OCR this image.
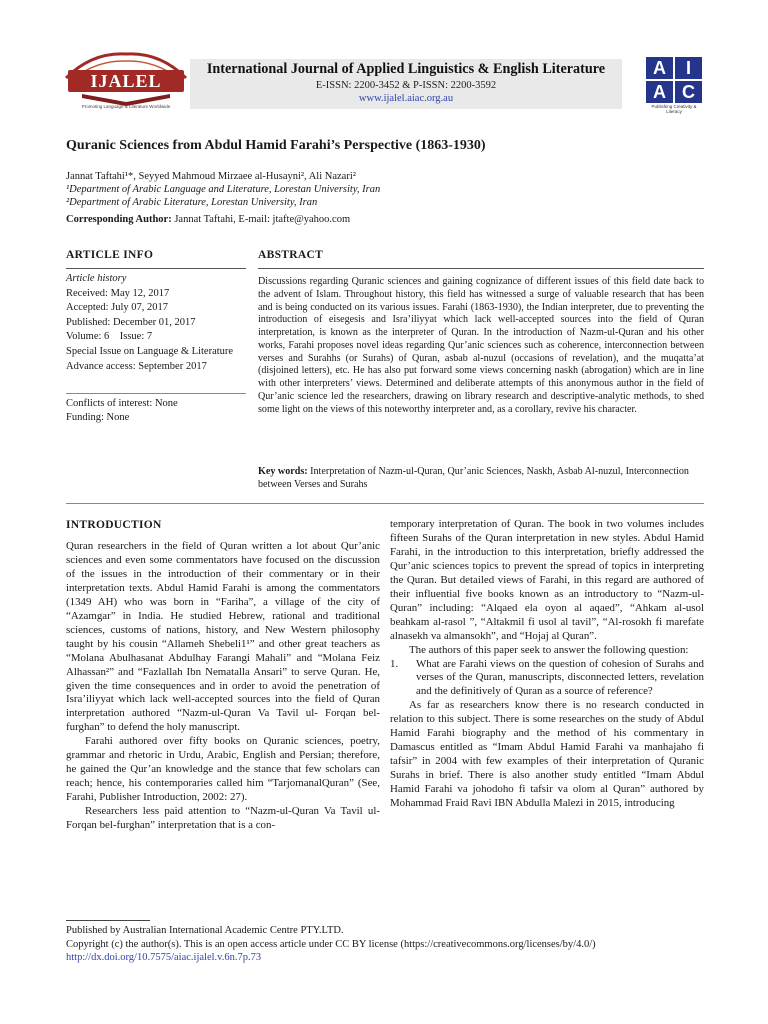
IJALEL
Promoting Language & Literature Worldwide
International Journal of Applied Linguistics & English Literature
E-ISSN: 2200-3452 & P-ISSN: 2200-3592
www.ijalel.aiac.org.au
A	I
A C
Publishing Creativity & Literacy
Quranic Sciences from Abdul Hamid Farahi’s Perspective (1863-1930)
Jannat Taftahi¹*, Seyyed Mahmoud Mirzaee al-Husayni², Ali Nazari²
¹Department of Arabic Language and Literature, Lorestan University, Iran
²Department of Arabic Literature, Lorestan University, Iran
Corresponding Author: Jannat Taftahi, E-mail: jtafte@yahoo.com
ARTICLE INFO
Article history
Received: May 12, 2017
Accepted: July 07, 2017
Published: December 01, 2017
Volume: 6    Issue: 7
Special Issue on Language & Literature
Advance access: September 2017
Conflicts of interest: None
Funding: None
ABSTRACT
Discussions regarding Quranic sciences and gaining cognizance of different issues of this field date back to the advent of Islam. Throughout history, this field has witnessed a surge of valuable research that has been and is being conducted on its various issues. Farahi (1863-1930), the Indian interpreter, due to preventing the introduction of eisegesis and Isra’iliyyat which lack well-accepted sources into the field of Quran interpretation, is known as the interpreter of Quran. In the introduction of Nazm-ul-Quran and his other works, Farahi proposes novel ideas regarding Qur’anic sciences such as coherence, interconnection between verses and Surahhs (or Surahs) of Quran, asbab al-nuzul (occasions of revelation), and the muqatta’at (disjoined letters), etc. He has also put forward some views concerning naskh (abrogation) which are in line with other interpreters’ views. Determined and deliberate attempts of this anonymous author in the field of Qur’anic science led the researchers, drawing on library research and descriptive-analytic methods, to shed some light on the views of this noteworthy interpreter and, as a corollary, revive his character.
Key words: Interpretation of Nazm-ul-Quran, Qur’anic Sciences, Naskh, Asbab Al-nuzul, Interconnection between Verses and Surahs
INTRODUCTION

Quran researchers in the field of Quran written a lot about Qur’anic sciences and even some commentators have focused on the discussion of the issues in the introduction of their commentary or in their interpretation texts. Abdul Hamid Farahi is among the commentators (1349 AH) who was born in “Fariha”, a village of the city of “Azamgar” in India. He studied Hebrew, rational and traditional sciences, customs of nations, history, and New Western philosophy taught by his cousin “Allameh Shebeli1¹” and other great teachers as “Molana Abulhasanat Abdulhay Farangi Mahali” and “Molana Feiz Alhassan²” and “Fazlallah Ibn Nematalla Ansari” to serve Quran. He, given the time consequences and in order to avoid the penetration of Isra’iliyyat which lack well-accepted sources into the field of Quran interpretation authored “Nazm-ul-Quran Va Tavil ul- Forqan bel-furghan” to defend the holy manuscript.

Farahi authored over fifty books on Quranic sciences, poetry, grammar and rhetoric in Urdu, Arabic, English and Persian; therefore, he gained the Qur’an knowledge and the stance that few scholars can reach; hence, his contemporaries called him “TarjomanalQuran” (See, Farahi, Publisher Introduction, 2002: 27).

Researchers less paid attention to “Nazm-ul-Quran Va Tavil ul- Forqan bel-furghan” interpretation that is a con-

temporary interpretation of Quran. The book in two volumes includes fifteen Surahs of the Quran interpretation in new styles. Abdul Hamid Farahi, in the introduction to this interpretation, briefly addressed the Qur’anic sciences topics to prevent the spread of topics in interpreting the Quran. But detailed views of Farahi, in this regard are authored of their influential five books known as an introductory to “Nazm-ul-Quran” including: “Alqaed ela oyon al aqaed”, “Ahkam al-usol beahkam al-rasol ”, “Altakmil fi usol al tavil”, “Al-rosokh fi marefate alnasekh va almansokh”, and “Hojaj al Quran”.

The authors of this paper seek to answer the following question:

1.	What are Farahi views on the question of cohesion of Surahs and verses of the Quran, manuscripts, disconnected letters, revelation and the definitively of Quran as a source of reference?

As far as researchers know there is no research conducted in relation to this subject. There is some researches on the study of Abdul Hamid Farahi biography and the method of his commentary in Damascus entitled as “Imam Abdul Hamid Farahi va manhajaho fi tafsir” in 2004 with few examples of their interpretation of Quranic Surahs in brief. There is also another study entitled “Imam Abdul Hamid Farahi va johodoho fi tafsir va olom al Quran” authored by Mohammad Fraid Ravi IBN Abdulla Malezi in 2015, introducing

Published by Australian International Academic Centre PTY.LTD.
Copyright (c) the author(s). This is an open access article under CC BY license (https://creativecommons.org/licenses/by/4.0/)
http://dx.doi.org/10.7575/aiac.ijalel.v.6n.7p.73
